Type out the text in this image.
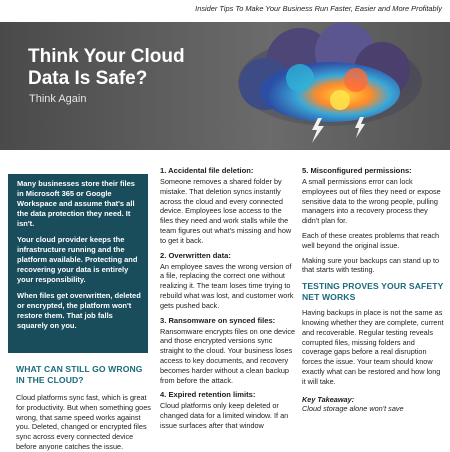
Insider Tips To Make Your Business Run Faster, Easier and More Profitably
Think Your Cloud Data Is Safe?
Think Again

Many businesses store their files in Microsoft 365 or Google Workspace and assume that's all the data protection they need. It isn't.

Your cloud provider keeps the infrastructure running and the platform available. Protecting and recovering your data is entirely your responsibility.

When files get overwritten, deleted or encrypted, the platform won't restore them. That job falls squarely on you.

WHAT CAN STILL GO WRONG IN THE CLOUD?

Cloud platforms sync fast, which is great for productivity. But when something goes wrong, that same speed works against you. Deleted, changed or encrypted files sync across every connected device before anyone catches the issue.

1. Accidental file deletion:

Someone removes a shared folder by mistake. That deletion syncs instantly across the cloud and every connected device. Employees lose access to the files they need and work stalls while the team figures out what's missing and how to get it back.

2. Overwritten data:

An employee saves the wrong version of a file, replacing the correct one without realizing it. The team loses time trying to rebuild what was lost, and customer work gets pushed back.

3. Ransomware on synced files:

Ransomware encrypts files on one device and those encrypted versions sync straight to the cloud. Your business loses access to key documents, and recovery becomes harder without a clean backup from before the attack.

4. Expired retention limits:

Cloud platforms only keep deleted or changed data for a limited window. If an issue surfaces after that window

5. Misconfigured permissions:

A small permissions error can lock employees out of files they need or expose sensitive data to the wrong people, pulling managers into a recovery process they didn't plan for.

Each of these creates problems that reach well beyond the original issue.

Making sure your backups can stand up to that starts with testing.

TESTING PROVES YOUR SAFETY NET WORKS

Having backups in place is not the same as knowing whether they are complete, current and recoverable. Regular testing reveals corrupted files, missing folders and coverage gaps before a real disruption forces the issue. Your team should know exactly what can be restored and how long it will take.

Key Takeaway:
Cloud storage alone won't save
